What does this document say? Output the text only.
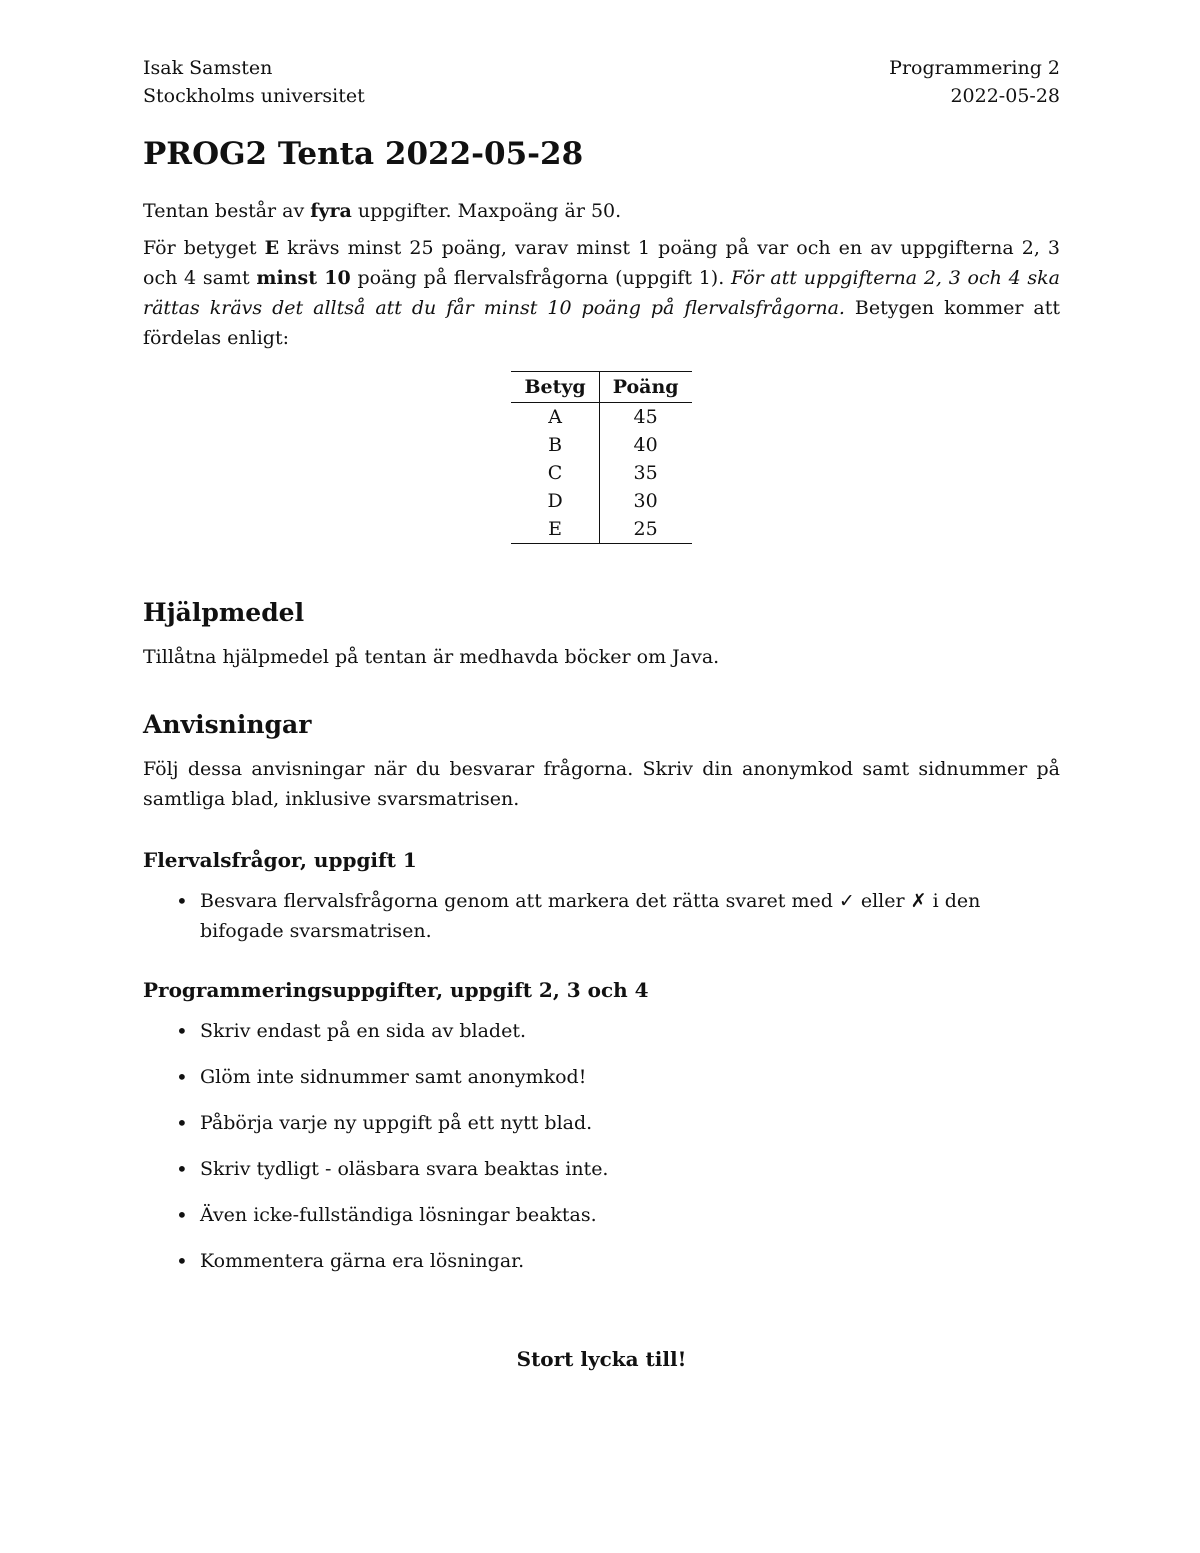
Isak Samsten
Stockholms universitet
Programmering 2
2022-05-28
PROG2 Tenta 2022-05-28

Tentan består av fyra uppgifter. Maxpoäng är 50.

För betyget E krävs minst 25 poäng, varav minst 1 poäng på var och en av uppgifterna 2, 3 och 4 samt minst 10 poäng på flervalsfrågorna (uppgift 1). För att uppgifterna 2, 3 och 4 ska rättas krävs det alltså att du får minst 10 poäng på flervalsfrågorna. Betygen kommer att fördelas enligt:

Betyg	Poäng
A	45
B	40
C	35
D	30
E	25
Hjälpmedel

Tillåtna hjälpmedel på tentan är medhavda böcker om Java.

Anvisningar

Följ dessa anvisningar när du besvarar frågorna. Skriv din anonymkod samt sidnummer på samtliga blad, inklusive svarsmatrisen.

Flervalsfrågor, uppgift 1
• Besvara flervalsfrågorna genom att markera det rätta svaret med ✓ eller ✗ i den bifogade svarsmatrisen.
Programmeringsuppgifter, uppgift 2, 3 och 4
• Skriv endast på en sida av bladet.
• Glöm inte sidnummer samt anonymkod!
• Påbörja varje ny uppgift på ett nytt blad.
• Skriv tydligt - oläsbara svara beaktas inte.
• Även icke-fullständiga lösningar beaktas.
• Kommentera gärna era lösningar.
Stort lycka till!
